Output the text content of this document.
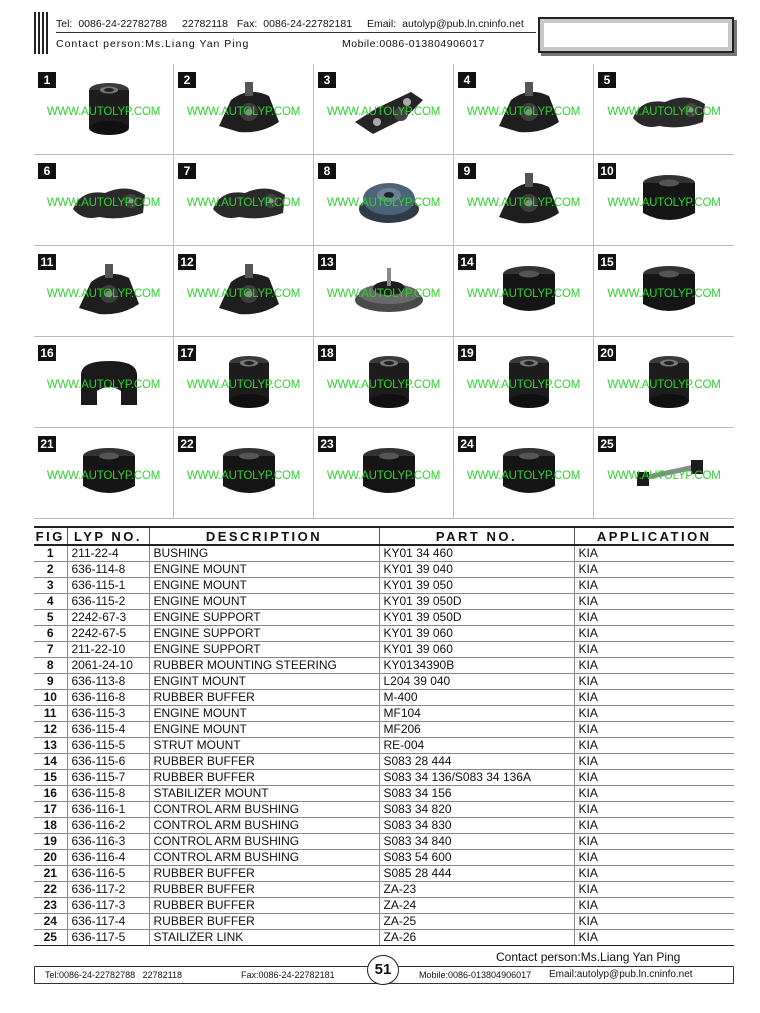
Tel: 0086-24-22782788 22782118 Fax: 0086-24-22782181 Email: autolyp@pub.ln.cninfo.net
Contact person:Ms.Liang Yan Ping	Mobile:0086-013804906017
1
WWW.AUTOLYP.COM
2
WWW.AUTOLYP.COM
3
WWW.AUTOLYP.COM
4
WWW.AUTOLYP.COM
5
WWW.AUTOLYP.COM
6
WWW.AUTOLYP.COM
7
WWW.AUTOLYP.COM
8
WWW.AUTOLYP.COM
9
WWW.AUTOLYP.COM
10
WWW.AUTOLYP.COM
11
WWW.AUTOLYP.COM
12
WWW.AUTOLYP.COM
13
WWW.AUTOLYP.COM
14
WWW.AUTOLYP.COM
15
WWW.AUTOLYP.COM
16
WWW.AUTOLYP.COM
17
WWW.AUTOLYP.COM
18
WWW.AUTOLYP.COM
19
WWW.AUTOLYP.COM
20
WWW.AUTOLYP.COM
21
WWW.AUTOLYP.COM
22
WWW.AUTOLYP.COM
23
WWW.AUTOLYP.COM
24
WWW.AUTOLYP.COM
25
WWW.AUTOLYP.COM
FIG	LYP NO.	DESCRIPTION	PART NO.	APPLICATION
1	211-22-4	BUSHING	KY01 34 460	KIA
2	636-114-8	ENGINE MOUNT	KY01 39 040	KIA
3	636-115-1	ENGINE MOUNT	KY01 39 050	KIA
4	636-115-2	ENGINE MOUNT	KY01 39 050D	KIA
5	2242-67-3	ENGINE SUPPORT	KY01 39 050D	KIA
6	2242-67-5	ENGINE SUPPORT	KY01 39 060	KIA
7	211-22-10	ENGINE SUPPORT	KY01 39 060	KIA
8	2061-24-10	RUBBER MOUNTING STEERING	KY0134390B	KIA
9	636-113-8	ENGINT MOUNT	L204 39 040	KIA
10	636-116-8	RUBBER BUFFER	M-400	KIA
11	636-115-3	ENGINE MOUNT	MF104	KIA
12	636-115-4	ENGINE MOUNT	MF206	KIA
13	636-115-5	STRUT MOUNT	RE-004	KIA
14	636-115-6	RUBBER BUFFER	S083 28 444	KIA
15	636-115-7	RUBBER BUFFER	S083 34 136/S083 34 136A	KIA
16	636-115-8	STABILIZER MOUNT	S083 34 156	KIA
17	636-116-1	CONTROL ARM BUSHING	S083 34 820	KIA
18	636-116-2	CONTROL ARM BUSHING	S083 34 830	KIA
19	636-116-3	CONTROL ARM BUSHING	S083 34 840	KIA
20	636-116-4	CONTROL ARM BUSHING	S083 54 600	KIA
21	636-116-5	RUBBER BUFFER	S085 28 444	KIA
22	636-117-2	RUBBER BUFFER	ZA-23	KIA
23	636-117-3	RUBBER BUFFER	ZA-24	KIA
24	636-117-4	RUBBER BUFFER	ZA-25	KIA
25	636-117-5	STAILIZER LINK	ZA-26	KIA
Contact person:Ms.Liang Yan Ping
Tel:0086-24-22782788 22782118	Fax:0086-24-22782181	Mobile:0086-013804906017 Email:autolyp@pub.ln.cninfo.net
51
